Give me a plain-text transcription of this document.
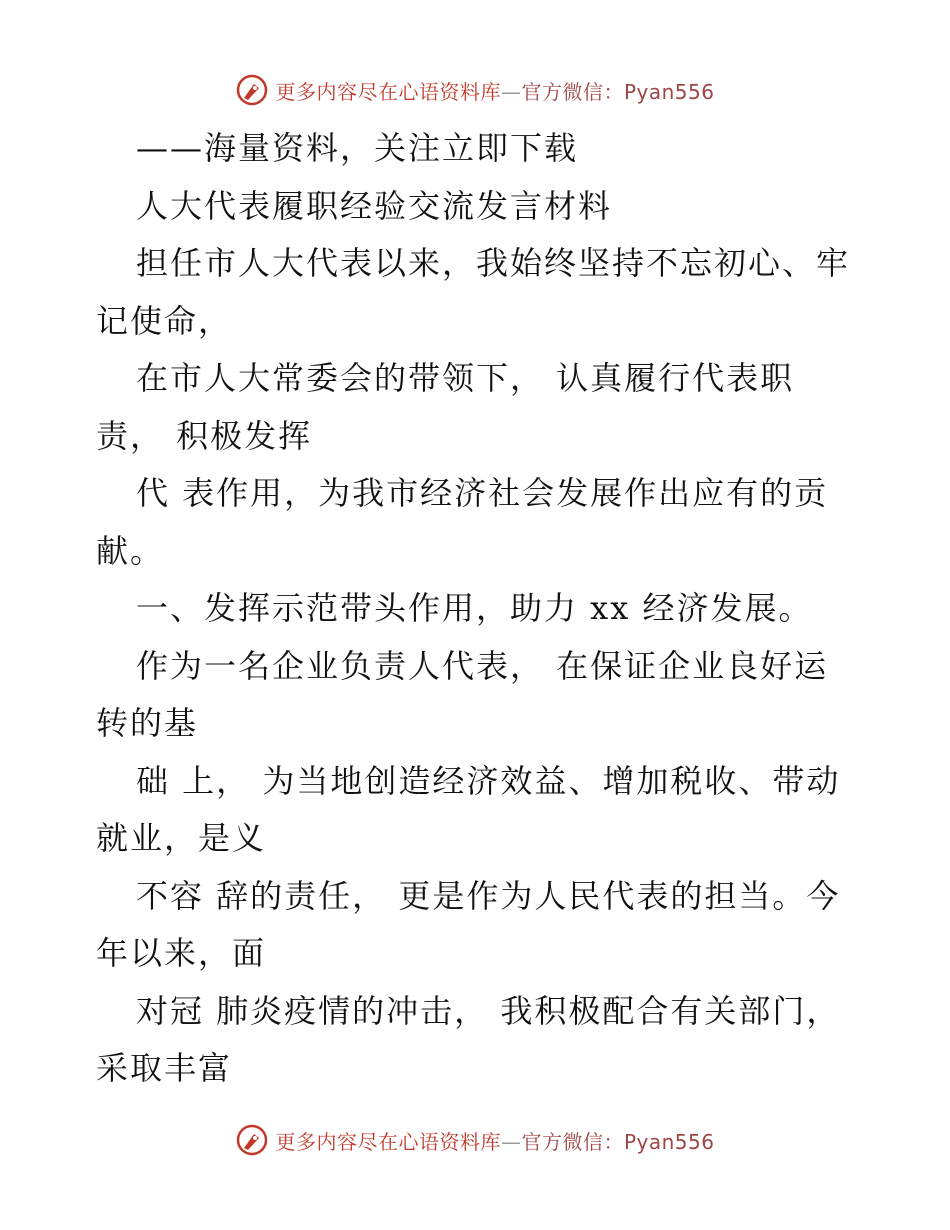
更多内容尽在心语资料库—官方微信：Pyan556
——海量资料，关注立即下载
人大代表履职经验交流发言材料
担任市人大代表以来，我始终坚持不忘初心、牢
记使命，
在市人大常委会的带领下， 认真履行代表职
责， 积极发挥
代 表作用，为我市经济社会发展作出应有的贡
献。
一、发挥示范带头作用，助力 xx 经济发展。
作为一名企业负责人代表， 在保证企业良好运
转的基
础 上， 为当地创造经济效益、增加税收、带动
就业，是义
不容 辞的责任， 更是作为人民代表的担当。今
年以来，面
对冠 肺炎疫情的冲击， 我积极配合有关部门，
采取丰富
更多内容尽在心语资料库—官方微信：Pyan556
